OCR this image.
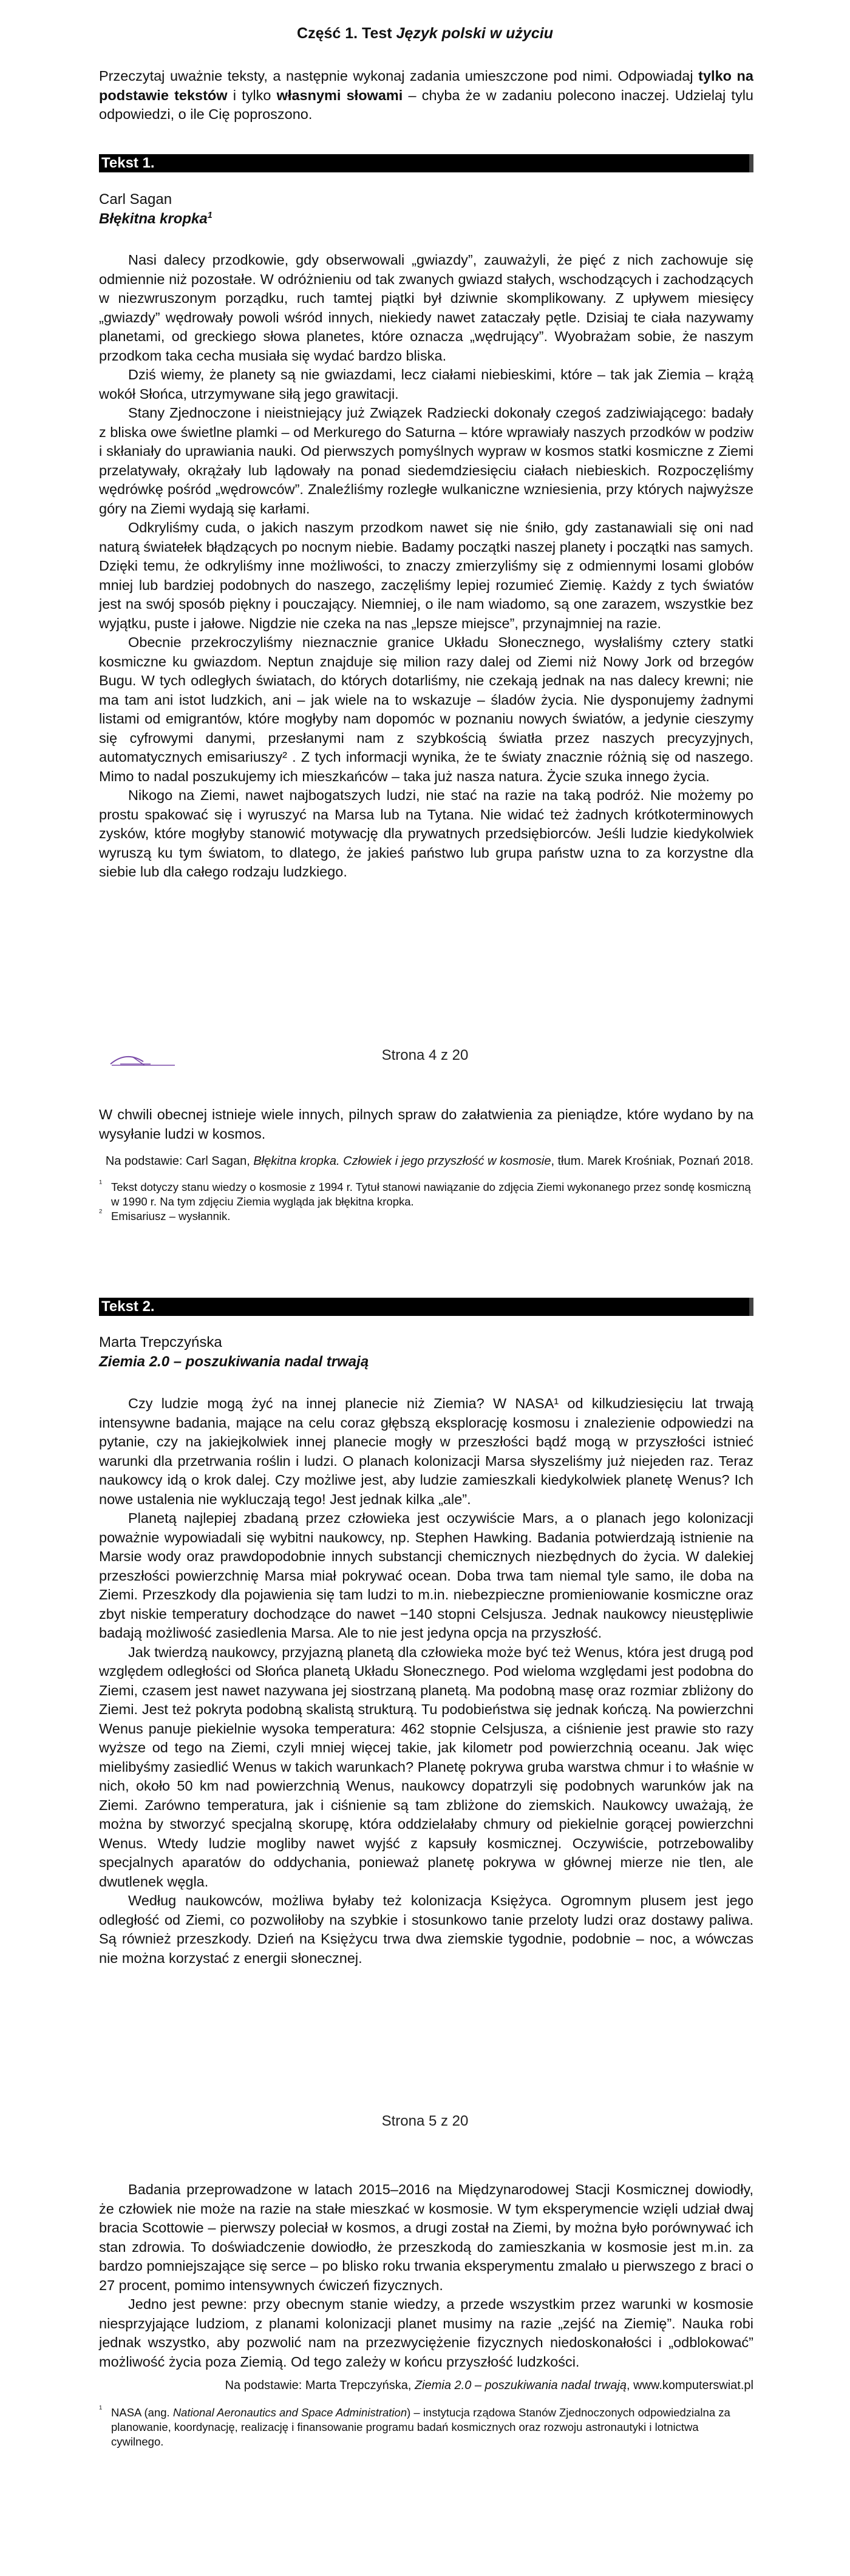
Część 1. Test Język polski w użyciu

Przeczytaj uważnie teksty, a następnie wykonaj zadania umieszczone pod nimi. Odpowiadaj tylko na podstawie tekstów i tylko własnymi słowami – chyba że w zadaniu polecono inaczej. Udzielaj tylu odpowiedzi, o ile Cię poproszono.

Tekst 1.

Carl Sagan

Błękitna kropka$^1$

Nasi dalecy przodkowie, gdy obserwowali „gwiazdy”, zauważyli, że pięć z nich zachowuje się odmiennie niż pozostałe. W odróżnieniu od tak zwanych gwiazd stałych, wschodzących i zachodzących w niezwruszonym porządku, ruch tamtej piątki był dziwnie skomplikowany. Z upływem miesięcy „gwiazdy” wędrowały powoli wśród innych, niekiedy nawet zataczały pętle. Dzisiaj te ciała nazywamy planetami, od greckiego słowa planetes, które oznacza „wędrujący”. Wyobrażam sobie, że naszym przodkom taka cecha musiała się wydać bardzo bliska.

Dziś wiemy, że planety są nie gwiazdami, lecz ciałami niebieskimi, które – tak jak Ziemia – krążą wokół Słońca, utrzymywane siłą jego grawitacji.

Stany Zjednoczone i nieistniejący już Związek Radziecki dokonały czegoś zadziwiającego: badały z bliska owe świetlne plamki – od Merkurego do Saturna – które wprawiały naszych przodków w podziw i skłaniały do uprawiania nauki. Od pierwszych pomyślnych wypraw w kosmos statki kosmiczne z Ziemi przelatywały, okrążały lub lądowały na ponad siedemdziesięciu ciałach niebieskich. Rozpoczęliśmy wędrówkę pośród „wędrowców”. Znaleźliśmy rozległe wulkaniczne wzniesienia, przy których najwyższe góry na Ziemi wydają się karłami.

Odkryliśmy cuda, o jakich naszym przodkom nawet się nie śniło, gdy zastanawiali się oni nad naturą światełek błądzących po nocnym niebie. Badamy początki naszej planety i początki nas samych. Dzięki temu, że odkryliśmy inne możliwości, to znaczy zmierzyliśmy się z odmiennymi losami globów mniej lub bardziej podobnych do naszego, zaczęliśmy lepiej rozumieć Ziemię. Każdy z tych światów jest na swój sposób piękny i pouczający. Niemniej, o ile nam wiadomo, są one zarazem, wszystkie bez wyjątku, puste i jałowe. Nigdzie nie czeka na nas „lepsze miejsce”, przynajmniej na razie.

Obecnie przekroczyliśmy nieznacznie granice Układu Słonecznego, wysłaliśmy cztery statki kosmiczne ku gwiazdom. Neptun znajduje się milion razy dalej od Ziemi niż Nowy Jork od brzegów Bugu. W tych odległych światach, do których dotarliśmy, nie czekają jednak na nas dalecy krewni; nie ma tam ani istot ludzkich, ani – jak wiele na to wskazuje – śladów życia. Nie dysponujemy żadnymi listami od emigrantów, które mogłyby nam dopomóc w poznaniu nowych światów, a jedynie cieszymy się cyfrowymi danymi, przesłanymi nam z szybkością światła przez naszych precyzyjnych, automatycznych emisariuszy² . Z tych informacji wynika, że te światy znacznie różnią się od naszego. Mimo to nadal poszukujemy ich mieszkańców – taka już nasza natura. Życie szuka innego życia.

Nikogo na Ziemi, nawet najbogatszych ludzi, nie stać na razie na taką podróż. Nie możemy po prostu spakować się i wyruszyć na Marsa lub na Tytana. Nie widać też żadnych krótkoterminowych zysków, które mogłyby stanowić motywację dla prywatnych przedsiębiorców. Jeśli ludzie kiedykolwiek wyruszą ku tym światom, to dlatego, że jakieś państwo lub grupa państw uzna to za korzystne dla siebie lub dla całego rodzaju ludzkiego.

Strona 4 z 20

W chwili obecnej istnieje wiele innych, pilnych spraw do załatwienia za pieniądze, które wydano by na wysyłanie ludzi w kosmos.

Na podstawie: Carl Sagan, Błękitna kropka. Człowiek i jego przyszłość w kosmosie, tłum. Marek Krośniak, Poznań 2018.

$^1$ Tekst dotyczy stanu wiedzy o kosmosie z 1994 r. Tytuł stanowi nawiązanie do zdjęcia Ziemi wykonanego przez sondę kosmiczną w 1990 r. Na tym zdjęciu Ziemia wygląda jak błękitna kropka.

$^2$ Emisariusz – wysłannik.

Tekst 2.

Marta Trepczyńska

Ziemia 2.0 – poszukiwania nadal trwają

Czy ludzie mogą żyć na innej planecie niż Ziemia? W NASA¹ od kilkudziesięciu lat trwają intensywne badania, mające na celu coraz głębszą eksplorację kosmosu i znalezienie odpowiedzi na pytanie, czy na jakiejkolwiek innej planecie mogły w przeszłości bądź mogą w przyszłości istnieć warunki dla przetrwania roślin i ludzi. O planach kolonizacji Marsa słyszeliśmy już niejeden raz. Teraz naukowcy idą o krok dalej. Czy możliwe jest, aby ludzie zamieszkali kiedykolwiek planetę Wenus? Ich nowe ustalenia nie wykluczają tego! Jest jednak kilka „ale”.

Planetą najlepiej zbadaną przez człowieka jest oczywiście Mars, a o planach jego kolonizacji poważnie wypowiadali się wybitni naukowcy, np. Stephen Hawking. Badania potwierdzają istnienie na Marsie wody oraz prawdopodobnie innych substancji chemicznych niezbędnych do życia. W dalekiej przeszłości powierzchnię Marsa miał pokrywać ocean. Doba trwa tam niemal tyle samo, ile doba na Ziemi. Przeszkody dla pojawienia się tam ludzi to m.in. niebezpieczne promieniowanie kosmiczne oraz zbyt niskie temperatury dochodzące do nawet −140 stopni Celsjusza. Jednak naukowcy nieustępliwie badają możliwość zasiedlenia Marsa. Ale to nie jest jedyna opcja na przyszłość.

Jak twierdzą naukowcy, przyjazną planetą dla człowieka może być też Wenus, która jest drugą pod względem odległości od Słońca planetą Układu Słonecznego. Pod wieloma względami jest podobna do Ziemi, czasem jest nawet nazywana jej siostrzaną planetą. Ma podobną masę oraz rozmiar zbliżony do Ziemi. Jest też pokryta podobną skalistą strukturą. Tu podobieństwa się jednak kończą. Na powierzchni Wenus panuje piekielnie wysoka temperatura: 462 stopnie Celsjusza, a ciśnienie jest prawie sto razy wyższe od tego na Ziemi, czyli mniej więcej takie, jak kilometr pod powierzchnią oceanu. Jak więc mielibyśmy zasiedlić Wenus w takich warunkach? Planetę pokrywa gruba warstwa chmur i to właśnie w nich, około 50 km nad powierzchnią Wenus, naukowcy dopatrzyli się podobnych warunków jak na Ziemi. Zarówno temperatura, jak i ciśnienie są tam zbliżone do ziemskich. Naukowcy uważają, że można by stworzyć specjalną skorupę, która oddzielałaby chmury od piekielnie gorącej powierzchni Wenus. Wtedy ludzie mogliby nawet wyjść z kapsuły kosmicznej. Oczywiście, potrzebowaliby specjalnych aparatów do oddychania, ponieważ planetę pokrywa w głównej mierze nie tlen, ale dwutlenek węgla.

Według naukowców, możliwa byłaby też kolonizacja Księżyca. Ogromnym plusem jest jego odległość od Ziemi, co pozwoliłoby na szybkie i stosunkowo tanie przeloty ludzi oraz dostawy paliwa. Są również przeszkody. Dzień na Księżycu trwa dwa ziemskie tygodnie, podobnie – noc, a wówczas nie można korzystać z energii słonecznej.

Strona 5 z 20

Badania przeprowadzone w latach 2015–2016 na Międzynarodowej Stacji Kosmicznej dowiodły, że człowiek nie może na razie na stałe mieszkać w kosmosie. W tym eksperymencie wzięli udział dwaj bracia Scottowie – pierwszy poleciał w kosmos, a drugi został na Ziemi, by można było porównywać ich stan zdrowia. To doświadczenie dowiodło, że przeszkodą do zamieszkania w kosmosie jest m.in. za bardzo pomniejszające się serce – po blisko roku trwania eksperymentu zmalało u pierwszego z braci o 27 procent, pomimo intensywnych ćwiczeń fizycznych.

Jedno jest pewne: przy obecnym stanie wiedzy, a przede wszystkim przez warunki w kosmosie niesprzyjające ludziom, z planami kolonizacji planet musimy na razie „zejść na Ziemię”. Nauka robi jednak wszystko, aby pozwolić nam na przezwyciężenie fizycznych niedoskonałości i „odblokować” możliwość życia poza Ziemią. Od tego zależy w końcu przyszłość ludzkości.

Na podstawie: Marta Trepczyńska, Ziemia 2.0 – poszukiwania nadal trwają, www.komputerswiat.pl

$^1$ NASA (ang. National Aeronautics and Space Administration) – instytucja rządowa Stanów Zjednoczonych odpowiedzialna za planowanie, koordynację, realizację i finansowanie programu badań kosmicznych oraz rozwoju astronautyki i lotnictwa cywilnego.
